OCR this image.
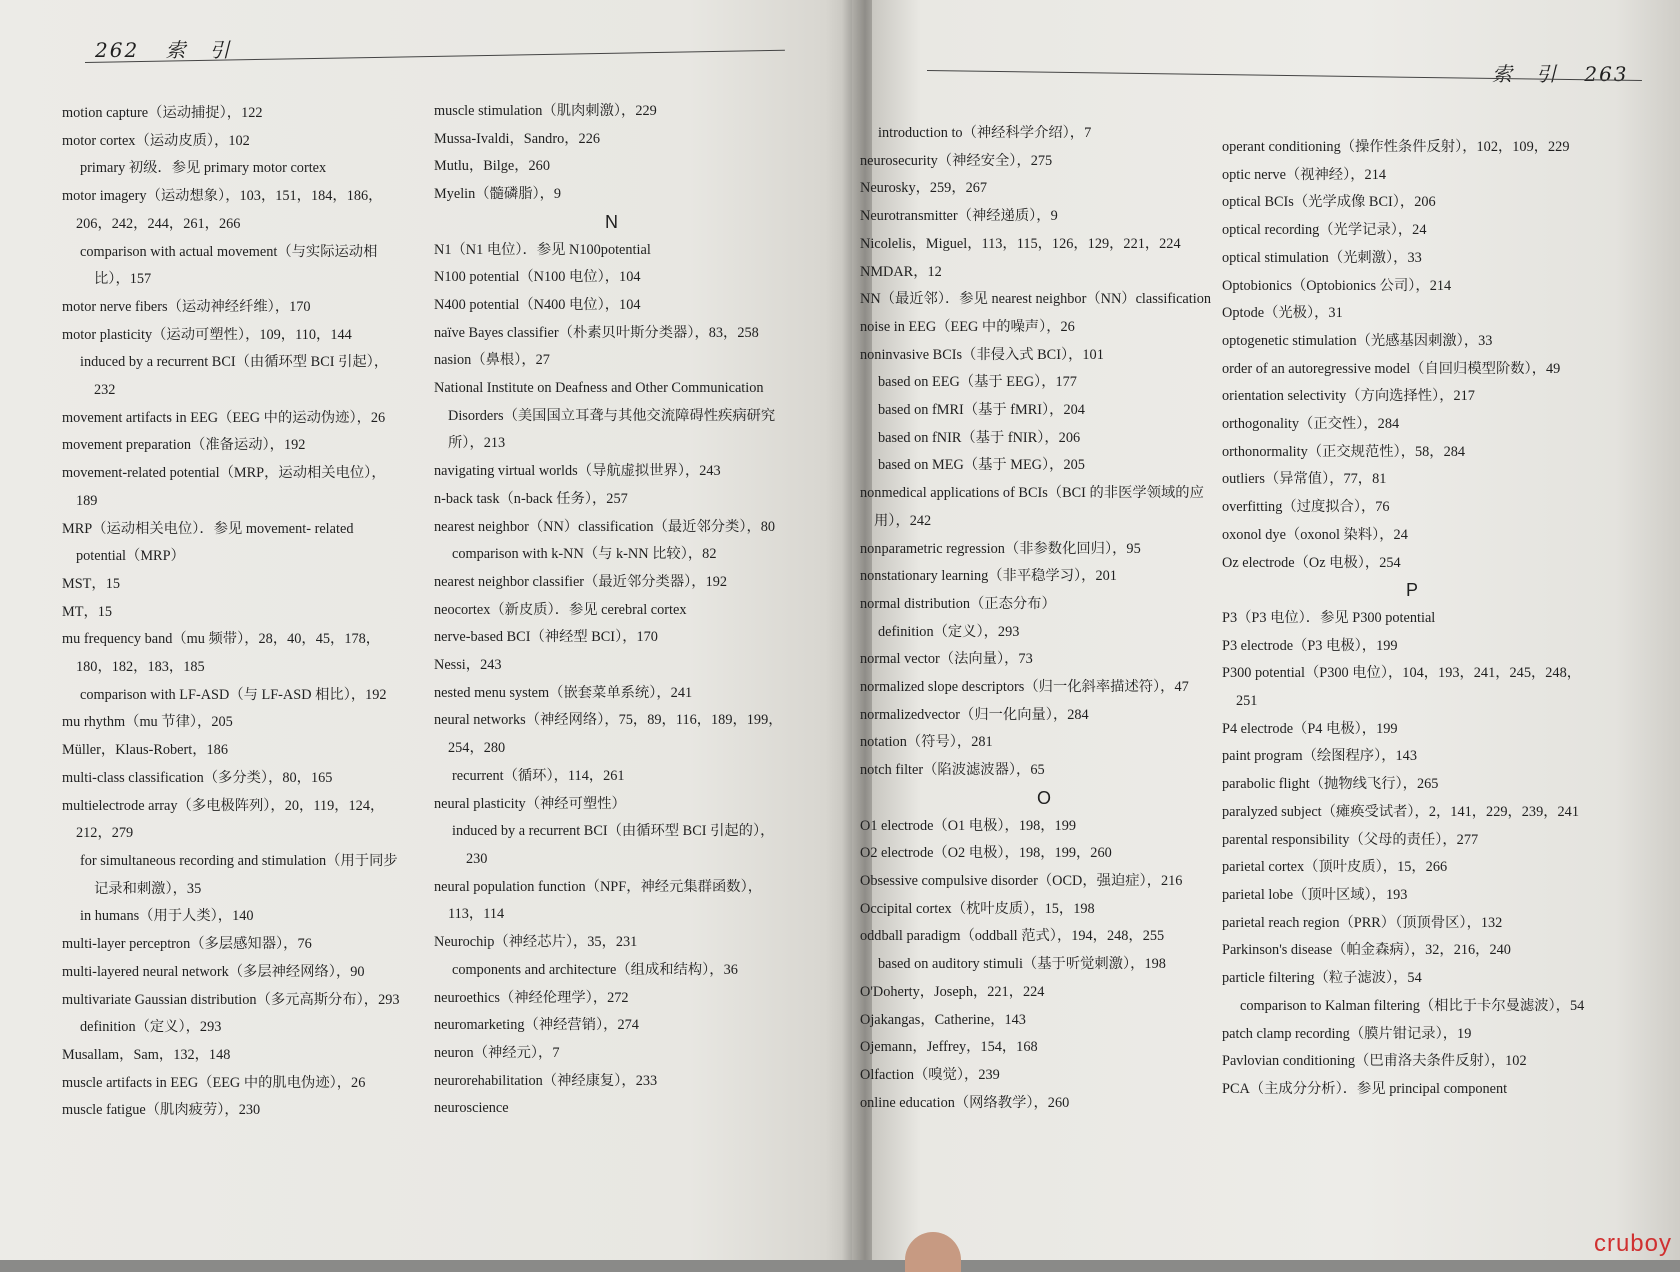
262 索　引
motion capture（运动捕捉），122
motor cortex（运动皮质），102
primary 初级．参见 primary motor cortex
motor imagery（运动想象），103，151，184，186，206，242，244，261，266
comparison with actual movement（与实际运动相比），157
motor nerve fibers（运动神经纤维），170
motor plasticity（运动可塑性），109，110，144
induced by a recurrent BCI（由循环型 BCI 引起），232
movement artifacts in EEG（EEG 中的运动伪迹），26
movement preparation（准备运动），192
movement-related potential（MRP，运动相关电位），189
MRP（运动相关电位）．参见 movement- related potential（MRP）
MST，15
MT，15
mu frequency band（mu 频带），28，40，45，178，180，182，183，185
comparison with LF-ASD（与 LF-ASD 相比），192
mu rhythm（mu 节律），205
Müller，Klaus-Robert，186
multi-class classification（多分类），80，165
multielectrode array（多电极阵列），20，119，124，212，279
for simultaneous recording and stimulation（用于同步记录和刺激），35
in humans（用于人类），140
multi-layer perceptron（多层感知器），76
multi-layered neural network（多层神经网络），90
multivariate Gaussian distribution（多元高斯分布），293
definition（定义），293
Musallam，Sam，132，148
muscle artifacts in EEG（EEG 中的肌电伪迹），26
muscle fatigue（肌肉疲劳），230
muscle stimulation（肌肉刺激），229
Mussa-Ivaldi，Sandro，226
Mutlu，Bilge，260
Myelin（髓磷脂），9
N
N1（N1 电位）．参见 N100potential
N100 potential（N100 电位），104
N400 potential（N400 电位），104
naïve Bayes classifier（朴素贝叶斯分类器），83，258
nasion（鼻根），27
National Institute on Deafness and Other Communication Disorders（美国国立耳聋与其他交流障碍性疾病研究所），213
navigating virtual worlds（导航虚拟世界），243
n-back task（n-back 任务），257
nearest neighbor（NN）classification（最近邻分类），80
comparison with k-NN（与 k-NN 比较），82
nearest neighbor classifier（最近邻分类器），192
neocortex（新皮质）．参见 cerebral cortex
nerve-based BCI（神经型 BCI），170
Nessi，243
nested menu system（嵌套菜单系统），241
neural networks（神经网络），75，89，116，189，199，254，280
recurrent（循环），114，261
neural plasticity（神经可塑性）
induced by a recurrent BCI（由循环型 BCI 引起的），230
neural population function（NPF，神经元集群函数），113，114
Neurochip（神经芯片），35，231
components and architecture（组成和结构），36
neuroethics（神经伦理学），272
neuromarketing（神经营销），274
neuron（神经元），7
neurorehabilitation（神经康复），233
neuroscience
索　引 263
introduction to（神经科学介绍），7
neurosecurity（神经安全），275
Neurosky，259，267
Neurotransmitter（神经递质），9
Nicolelis，Miguel，113，115，126，129，221，224
NMDAR，12
NN（最近邻）．参见 nearest neighbor（NN）classification
noise in EEG（EEG 中的噪声），26
noninvasive BCIs（非侵入式 BCI），101
based on EEG（基于 EEG），177
based on fMRI（基于 fMRI），204
based on fNIR（基于 fNIR），206
based on MEG（基于 MEG），205
nonmedical applications of BCIs（BCI 的非医学领域的应用），242
nonparametric regression（非参数化回归），95
nonstationary learning（非平稳学习），201
normal distribution（正态分布）
definition（定义），293
normal vector（法向量），73
normalized slope descriptors（归一化斜率描述符），47
normalizedvector（归一化向量），284
notation（符号），281
notch filter（陷波滤波器），65
O
O1 electrode（O1 电极），198，199
O2 electrode（O2 电极），198，199，260
Obsessive compulsive disorder（OCD，强迫症），216
Occipital cortex（枕叶皮质），15，198
oddball paradigm（oddball 范式），194，248，255
based on auditory stimuli（基于听觉刺激），198
O'Doherty，Joseph，221，224
Ojakangas，Catherine，143
Ojemann，Jeffrey，154，168
Olfaction（嗅觉），239
online education（网络教学），260
operant conditioning（操作性条件反射），102，109，229
optic nerve（视神经），214
optical BCIs（光学成像 BCI），206
optical recording（光学记录），24
optical stimulation（光刺激），33
Optobionics（Optobionics 公司），214
Optode（光极），31
optogenetic stimulation（光感基因刺激），33
order of an autoregressive model（自回归模型阶数），49
orientation selectivity（方向选择性），217
orthogonality（正交性），284
orthonormality（正交规范性），58，284
outliers（异常值），77，81
overfitting（过度拟合），76
oxonol dye（oxonol 染料），24
Oz electrode（Oz 电极），254
P
P3（P3 电位）．参见 P300 potential
P3 electrode（P3 电极），199
P300 potential（P300 电位），104，193，241，245，248，251
P4 electrode（P4 电极），199
paint program（绘图程序），143
parabolic flight（抛物线飞行），265
paralyzed subject（瘫痪受试者），2，141，229，239，241
parental responsibility（父母的责任），277
parietal cortex（顶叶皮质），15，266
parietal lobe（顶叶区域），193
parietal reach region（PRR）（顶顶骨区），132
Parkinson's disease（帕金森病），32，216，240
particle filtering（粒子滤波），54
comparison to Kalman filtering（相比于卡尔曼滤波），54
patch clamp recording（膜片钳记录），19
Pavlovian conditioning（巴甫洛夫条件反射），102
PCA（主成分分析）．参见 principal component
cruboy
